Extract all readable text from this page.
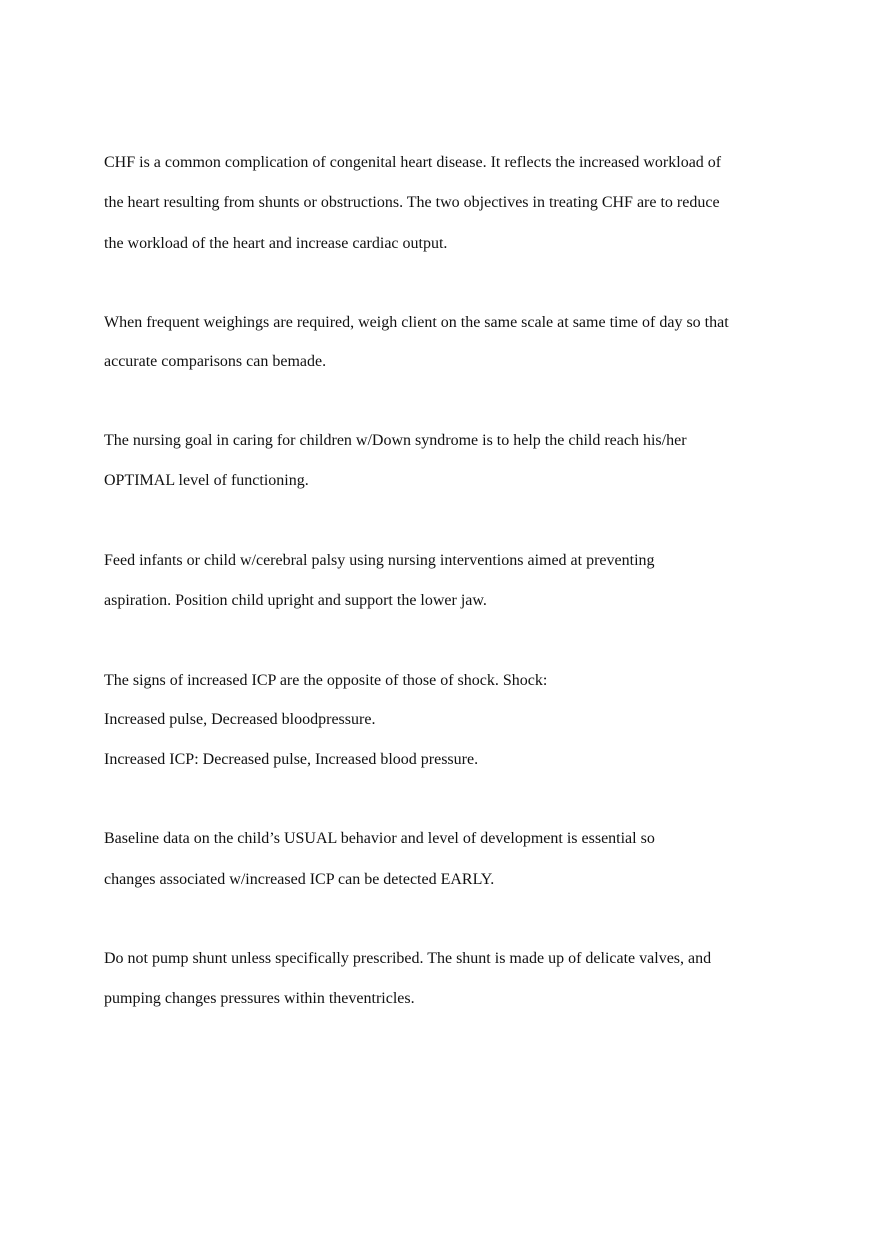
CHF is a common complication of congenital heart disease. It reflects the increased workload of
the heart resulting from shunts or obstructions. The two objectives in treating CHF are to reduce
the workload of the heart and increase cardiac output.
When frequent weighings are required, weigh client on the same scale at same time of day so that
accurate comparisons can bemade.
The nursing goal in caring for children w/Down syndrome is to help the child reach his/her
OPTIMAL level of functioning.
Feed infants or child w/cerebral palsy using nursing interventions aimed at preventing
aspiration. Position child upright and support the lower jaw.
The signs of increased ICP are the opposite of those of shock. Shock:
Increased pulse, Decreased bloodpressure.
Increased ICP: Decreased pulse, Increased blood pressure.
Baseline data on the child’s USUAL behavior and level of development is essential so
changes associated w/increased ICP can be detected EARLY.
Do not pump shunt unless specifically prescribed. The shunt is made up of delicate valves, and
pumping changes pressures within theventricles.
